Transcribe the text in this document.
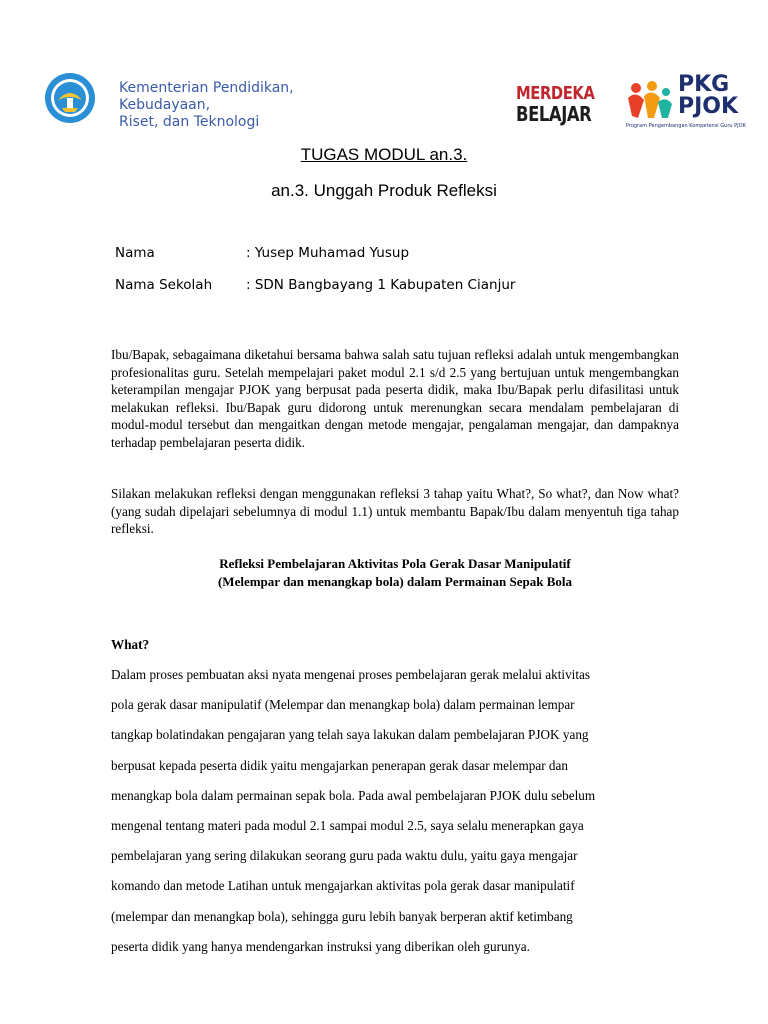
Kementerian Pendidikan,
Kebudayaan,
Riset, dan Teknologi
MERDEKA
BELAJAR
PKG
PJOK
Program Pengembangan Kompetensi Guru PJOK
TUGAS MODUL an.3.
an.3. Unggah Produk Refleksi
Nama	: Yusep Muhamad Yusup
Nama Sekolah	: SDN Bangbayang 1 Kabupaten Cianjur
Ibu/Bapak, sebagaimana diketahui bersama bahwa salah satu tujuan refleksi adalah untuk mengembangkan profesionalitas guru. Setelah mempelajari paket modul 2.1 s/d 2.5 yang bertujuan untuk mengembangkan keterampilan mengajar PJOK yang berpusat pada peserta didik, maka Ibu/Bapak perlu difasilitasi untuk melakukan refleksi. Ibu/Bapak guru didorong untuk merenungkan secara mendalam pembelajaran di modul-modul tersebut dan mengaitkan dengan metode mengajar, pengalaman mengajar, dan dampaknya terhadap pembelajaran peserta didik.
Silakan melakukan refleksi dengan menggunakan refleksi 3 tahap yaitu What?, So what?, dan Now what? (yang sudah dipelajari sebelumnya di modul 1.1) untuk membantu Bapak/Ibu dalam menyentuh tiga tahap refleksi.
Refleksi Pembelajaran Aktivitas Pola Gerak Dasar Manipulatif
(Melempar dan menangkap bola) dalam Permainan Sepak Bola
What?
Dalam proses pembuatan aksi nyata mengenai proses pembelajaran gerak melalui aktivitas
pola gerak dasar manipulatif (Melempar dan menangkap bola) dalam permainan lempar
tangkap bolatindakan pengajaran yang telah saya lakukan dalam pembelajaran PJOK yang
berpusat kepada peserta didik yaitu mengajarkan penerapan gerak dasar melempar dan
menangkap bola dalam permainan sepak bola. Pada awal pembelajaran PJOK dulu sebelum
mengenal tentang materi pada modul 2.1 sampai modul 2.5, saya selalu menerapkan gaya
pembelajaran yang sering dilakukan seorang guru pada waktu dulu, yaitu gaya mengajar
komando dan metode Latihan untuk mengajarkan aktivitas pola gerak dasar manipulatif
(melempar dan menangkap bola), sehingga guru lebih banyak berperan aktif ketimbang
peserta didik yang hanya mendengarkan instruksi yang diberikan oleh gurunya.
